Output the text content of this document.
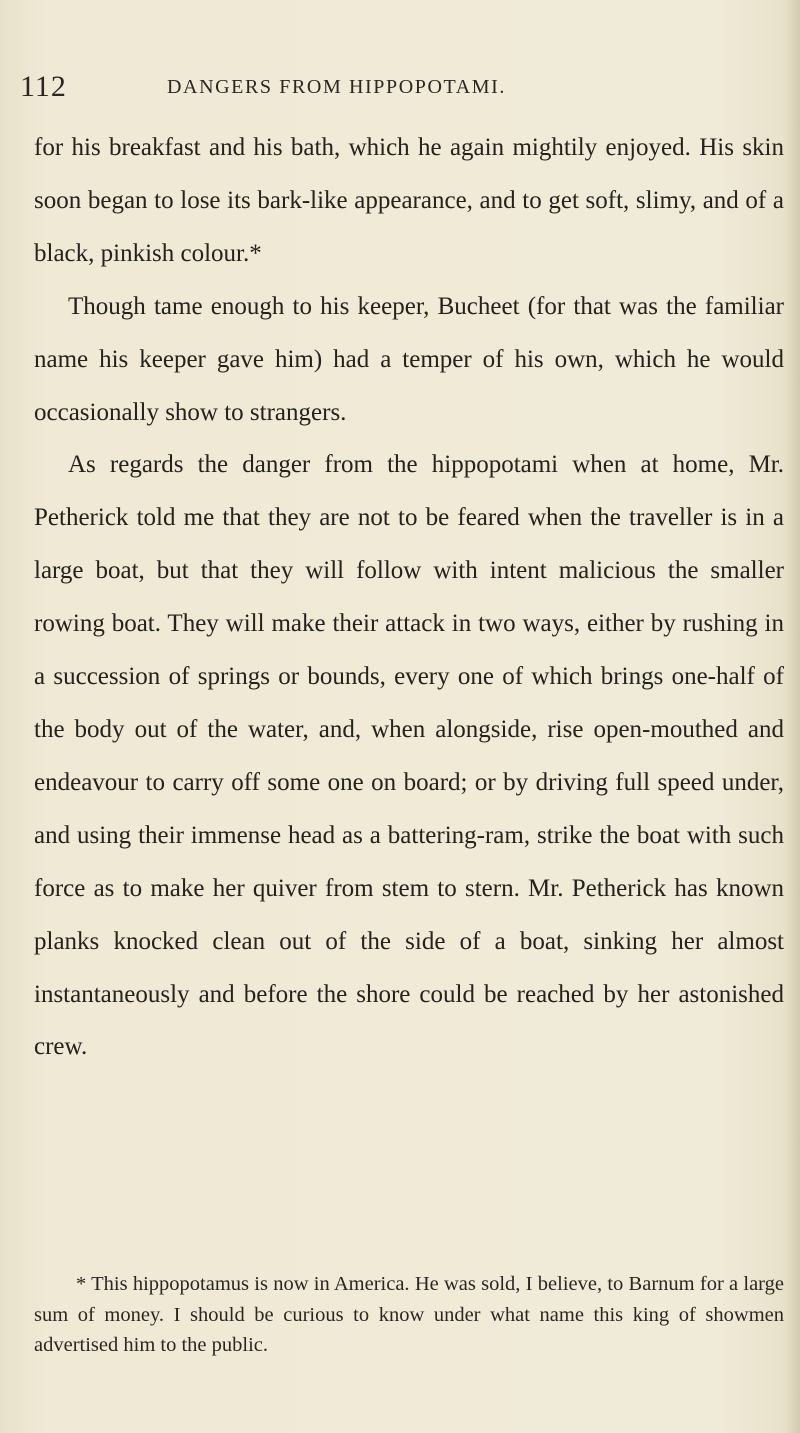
112	DANGERS FROM HIPPOPOTAMI.

for his breakfast and his bath, which he again mightily enjoyed. His skin soon began to lose its bark-like appearance, and to get soft, slimy, and of a black, pinkish colour.*

Though tame enough to his keeper, Bucheet (for that was the familiar name his keeper gave him) had a temper of his own, which he would occasionally show to strangers.

As regards the danger from the hippopotami when at home, Mr. Petherick told me that they are not to be feared when the traveller is in a large boat, but that they will follow with intent malicious the smaller rowing boat. They will make their attack in two ways, either by rushing in a succession of springs or bounds, every one of which brings one-half of the body out of the water, and, when alongside, rise open-mouthed and endeavour to carry off some one on board; or by driving full speed under, and using their immense head as a battering-ram, strike the boat with such force as to make her quiver from stem to stern. Mr. Petherick has known planks knocked clean out of the side of a boat, sinking her almost instantaneously and before the shore could be reached by her astonished crew.

* This hippopotamus is now in America. He was sold, I believe, to Barnum for a large sum of money. I should be curious to know under what name this king of showmen advertised him to the public.
